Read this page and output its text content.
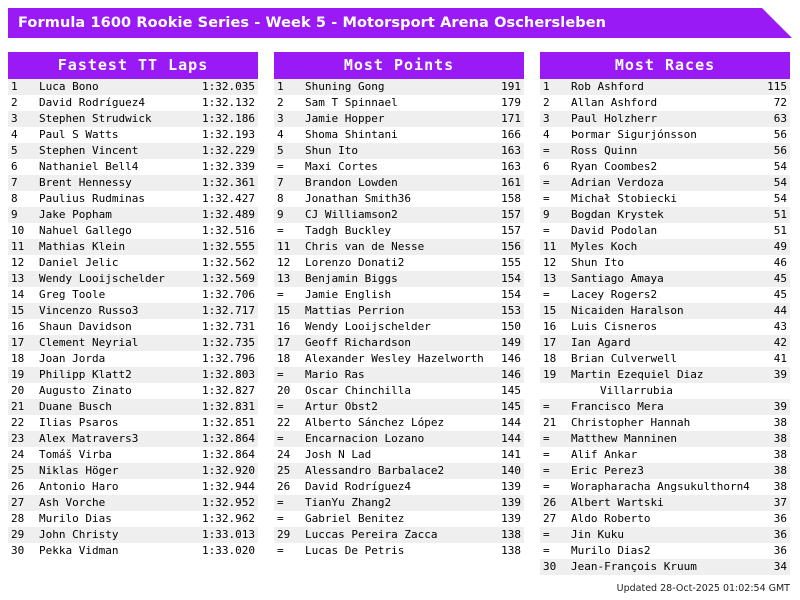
Formula 1600 Rookie Series - Week 5 - Motorsport Arena Oschersleben
Fastest TT Laps
1	Luca Bono	1:32.035
2	David Rodríguez4	1:32.132
3	Stephen Strudwick	1:32.186
4	Paul S Watts	1:32.193
5	Stephen Vincent	1:32.229
6	Nathaniel Bell4	1:32.339
7	Brent Hennessy	1:32.361
8	Paulius Rudminas	1:32.427
9	Jake Popham	1:32.489
10	Nahuel Gallego	1:32.516
11	Mathias Klein	1:32.555
12	Daniel Jelic	1:32.562
13	Wendy Looijschelder	1:32.569
14	Greg Toole	1:32.706
15	Vincenzo Russo3	1:32.717
16	Shaun Davidson	1:32.731
17	Clement Neyrial	1:32.735
18	Joan Jorda	1:32.796
19	Philipp Klatt2	1:32.803
20	Augusto Zinato	1:32.827
21	Duane Busch	1:32.831
22	Ilias Psaros	1:32.851
23	Alex Matravers3	1:32.864
24	Tomáš Virba	1:32.864
25	Niklas Höger	1:32.920
26	Antonio Haro	1:32.944
27	Ash Vorche	1:32.952
28	Murilo Dias	1:32.962
29	John Christy	1:33.013
30	Pekka Vidman	1:33.020
Most Points
1	Shuning Gong	191
2	Sam T Spinnael	179
3	Jamie Hopper	171
4	Shoma Shintani	166
5	Shun Ito	163
=	Maxi Cortes	163
7	Brandon Lowden	161
8	Jonathan Smith36	158
9	CJ Williamson2	157
=	Tadgh Buckley	157
11	Chris van de Nesse	156
12	Lorenzo Donati2	155
13	Benjamin Biggs	154
=	Jamie English	154
15	Mattias Perrion	153
16	Wendy Looijschelder	150
17	Geoff Richardson	149
18	Alexander Wesley Hazelworth	146
=	Mario Ras	146
20	Oscar Chinchilla	145
=	Artur Obst2	145
22	Alberto Sánchez López	144
=	Encarnacion Lozano	144
24	Josh N Lad	141
25	Alessandro Barbalace2	140
26	David Rodríguez4	139
=	TianYu Zhang2	139
=	Gabriel Benitez	139
29	Luccas Pereira Zacca	138
=	Lucas De Petris	138
Most Races
1	Rob Ashford	115
2	Allan Ashford	72
3	Paul Holzherr	63
4	Þormar Sigurjónsson	56
=	Ross Quinn	56
6	Ryan Coombes2	54
=	Adrian Verdoza	54
=	Michał Stobiecki	54
9	Bogdan Krystek	51
=	David Podolan	51
11	Myles Koch	49
12	Shun Ito	46
13	Santiago Amaya	45
=	Lacey Rogers2	45
15	Nicaiden Haralson	44
16	Luis Cisneros	43
17	Ian Agard	42
18	Brian Culverwell	41
19	Martin Ezequiel Diaz	39
	Villarrubia	
=	Francisco Mera	39
21	Christopher Hannah	38
=	Matthew Manninen	38
=	Alif Ankar	38
=	Eric Perez3	38
=	Worapharacha Angsukulthorn4	38
26	Albert Wartski	37
27	Aldo Roberto	36
=	Jin Kuku	36
=	Murilo Dias2	36
30	Jean-François Kruum	34
Updated 28-Oct-2025 01:02:54 GMT
